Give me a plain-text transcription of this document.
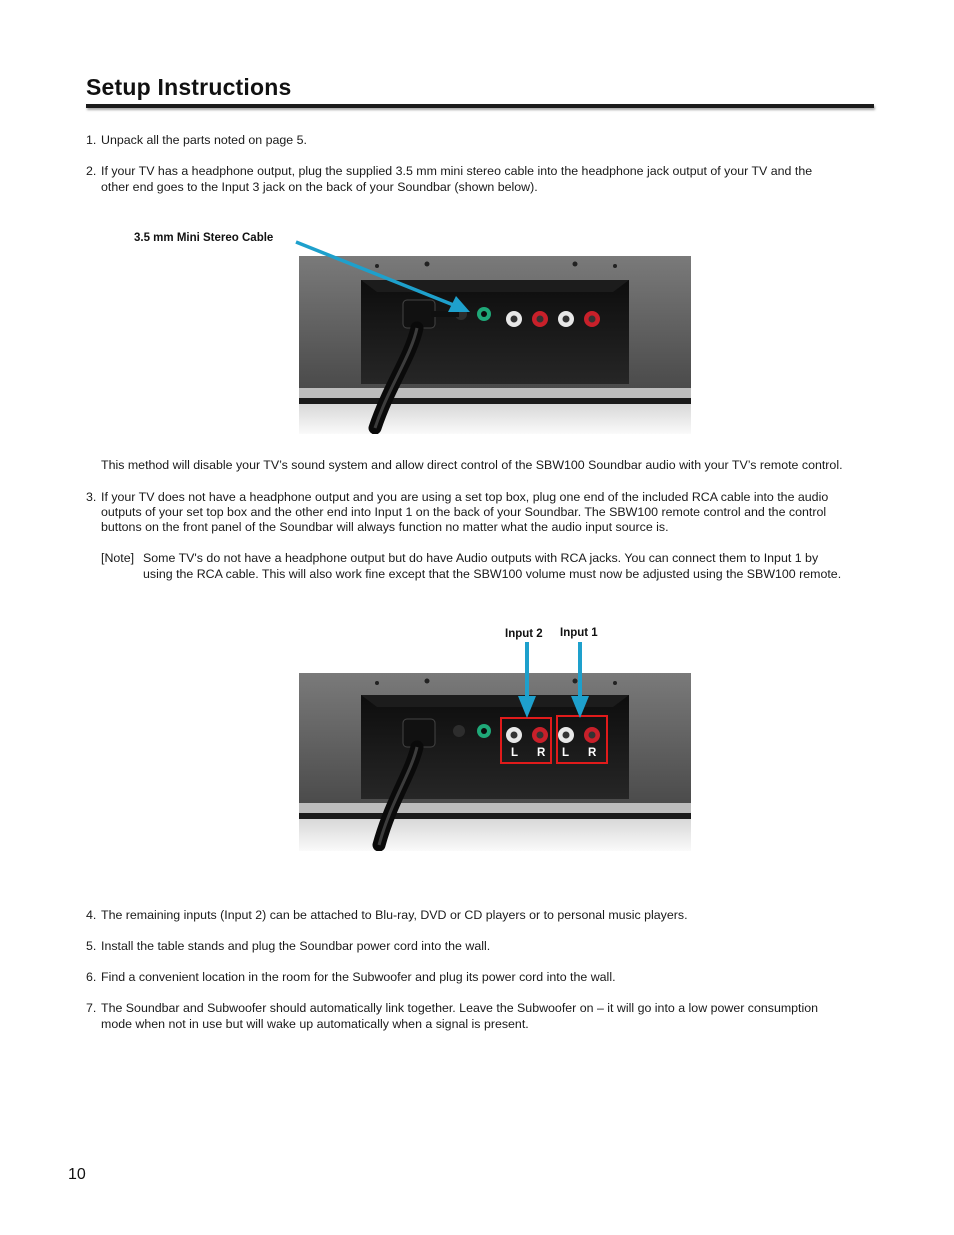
Setup Instructions
1. Unpack all the parts noted on page 5.

2. If your TV has a headphone output, plug the supplied 3.5 mm mini stereo cable into the headphone jack output of your TV and the

other end goes to the Input 3 jack on the back of your Soundbar (shown below).

3.5 mm Mini Stereo Cable

This method will disable your TV’s sound system and allow direct control of the SBW100 Soundbar audio with your TV’s remote control.

3. If your TV does not have a headphone output and you are using a set top box, plug one end of the included RCA cable into the audio

outputs of your set top box and the other end into Input 1 on the back of your Soundbar. The SBW100 remote control and the control

buttons on the front panel of the Soundbar will always function no matter what the audio input source is.

[Note] Some TV's do not have a headphone output but do have Audio outputs with RCA jacks. You can connect them to Input 1 by

using the RCA cable. This will also work fine except that the SBW100 volume must now be adjusted using the SBW100 remote.

Input 2 Input 1
L R L R
4. The remaining inputs (Input 2) can be attached to Blu-ray, DVD or CD players or to personal music players.

5. Install the table stands and plug the Soundbar power cord into the wall.

6. Find a convenient location in the room for the Subwoofer and plug its power cord into the wall.

7. The Soundbar and Subwoofer should automatically link together. Leave the Subwoofer on – it will go into a low power consumption

mode when not in use but will wake up automatically when a signal is present.

10
